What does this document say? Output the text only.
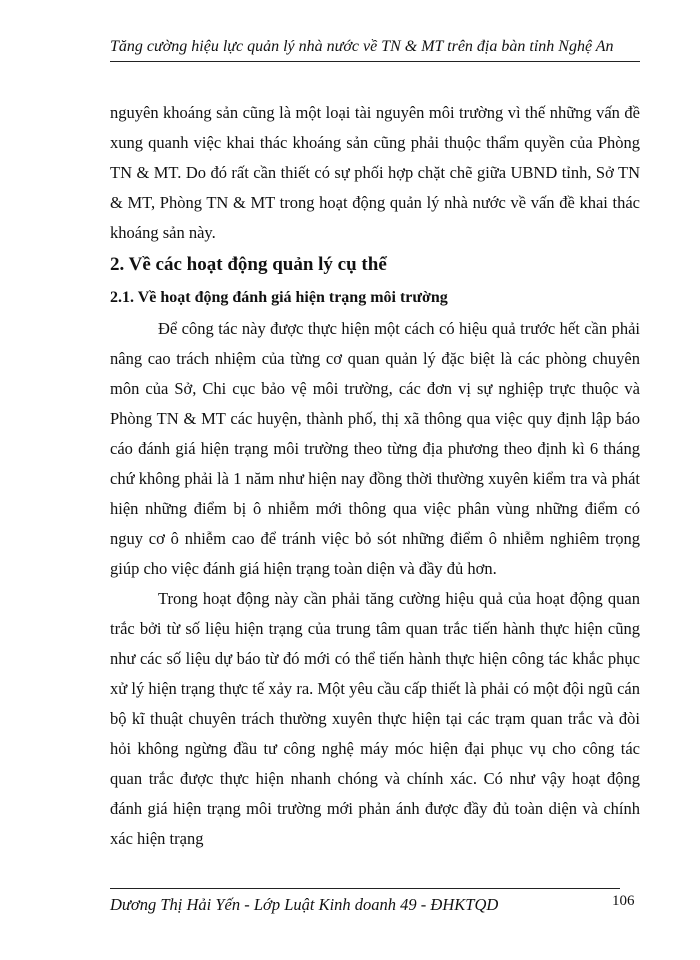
Tăng cường hiệu lực quản lý nhà nước về TN & MT trên địa bàn tỉnh Nghệ An

nguyên khoáng sản cũng là một loại tài nguyên môi trường vì thế những vấn đề xung quanh việc khai thác khoáng sản cũng phải thuộc thẩm quyền của Phòng TN & MT. Do đó rất cần thiết có sự phối hợp chặt chẽ giữa UBND tỉnh, Sở TN & MT, Phòng TN & MT trong hoạt động quản lý nhà nước về vấn đề khai thác khoáng sản này.

2. Về các hoạt động quản lý cụ thể
2.1. Về hoạt động đánh giá hiện trạng môi trường

Để công tác này được thực hiện một cách có hiệu quả trước hết cần phải nâng cao trách nhiệm của từng cơ quan quản lý đặc biệt là các phòng chuyên môn của Sở, Chi cục bảo vệ môi trường, các đơn vị sự nghiệp trực thuộc và Phòng TN & MT các huyện, thành phố, thị xã thông qua việc quy định lập báo cáo đánh giá hiện trạng môi trường theo từng địa phương theo định kì 6 tháng chứ không phải là 1 năm như hiện nay đồng thời thường xuyên kiểm tra và phát hiện những điểm bị ô nhiễm mới thông qua việc phân vùng những điểm có nguy cơ ô nhiễm cao để tránh việc bỏ sót những điểm ô nhiễm nghiêm trọng giúp cho việc đánh giá hiện trạng toàn diện và đầy đủ hơn.

Trong hoạt động này cần phải tăng cường hiệu quả của hoạt động quan trắc bởi từ số liệu hiện trạng của trung tâm quan trắc tiến hành thực hiện cũng như các số liệu dự báo từ đó mới có thể tiến hành thực hiện công tác khắc phục xử lý hiện trạng thực tế xảy ra. Một yêu cầu cấp thiết là phải có một đội ngũ cán bộ kĩ thuật chuyên trách thường xuyên thực hiện tại các trạm quan trắc và đòi hỏi không ngừng đầu tư công nghệ máy móc hiện đại phục vụ cho công tác quan trắc được thực hiện nhanh chóng và chính xác. Có như vậy hoạt động đánh giá hiện trạng môi trường mới phản ánh được đầy đủ toàn diện và chính xác hiện trạng

Dương Thị Hải Yến - Lớp Luật Kinh doanh 49 - ĐHKTQD	106
